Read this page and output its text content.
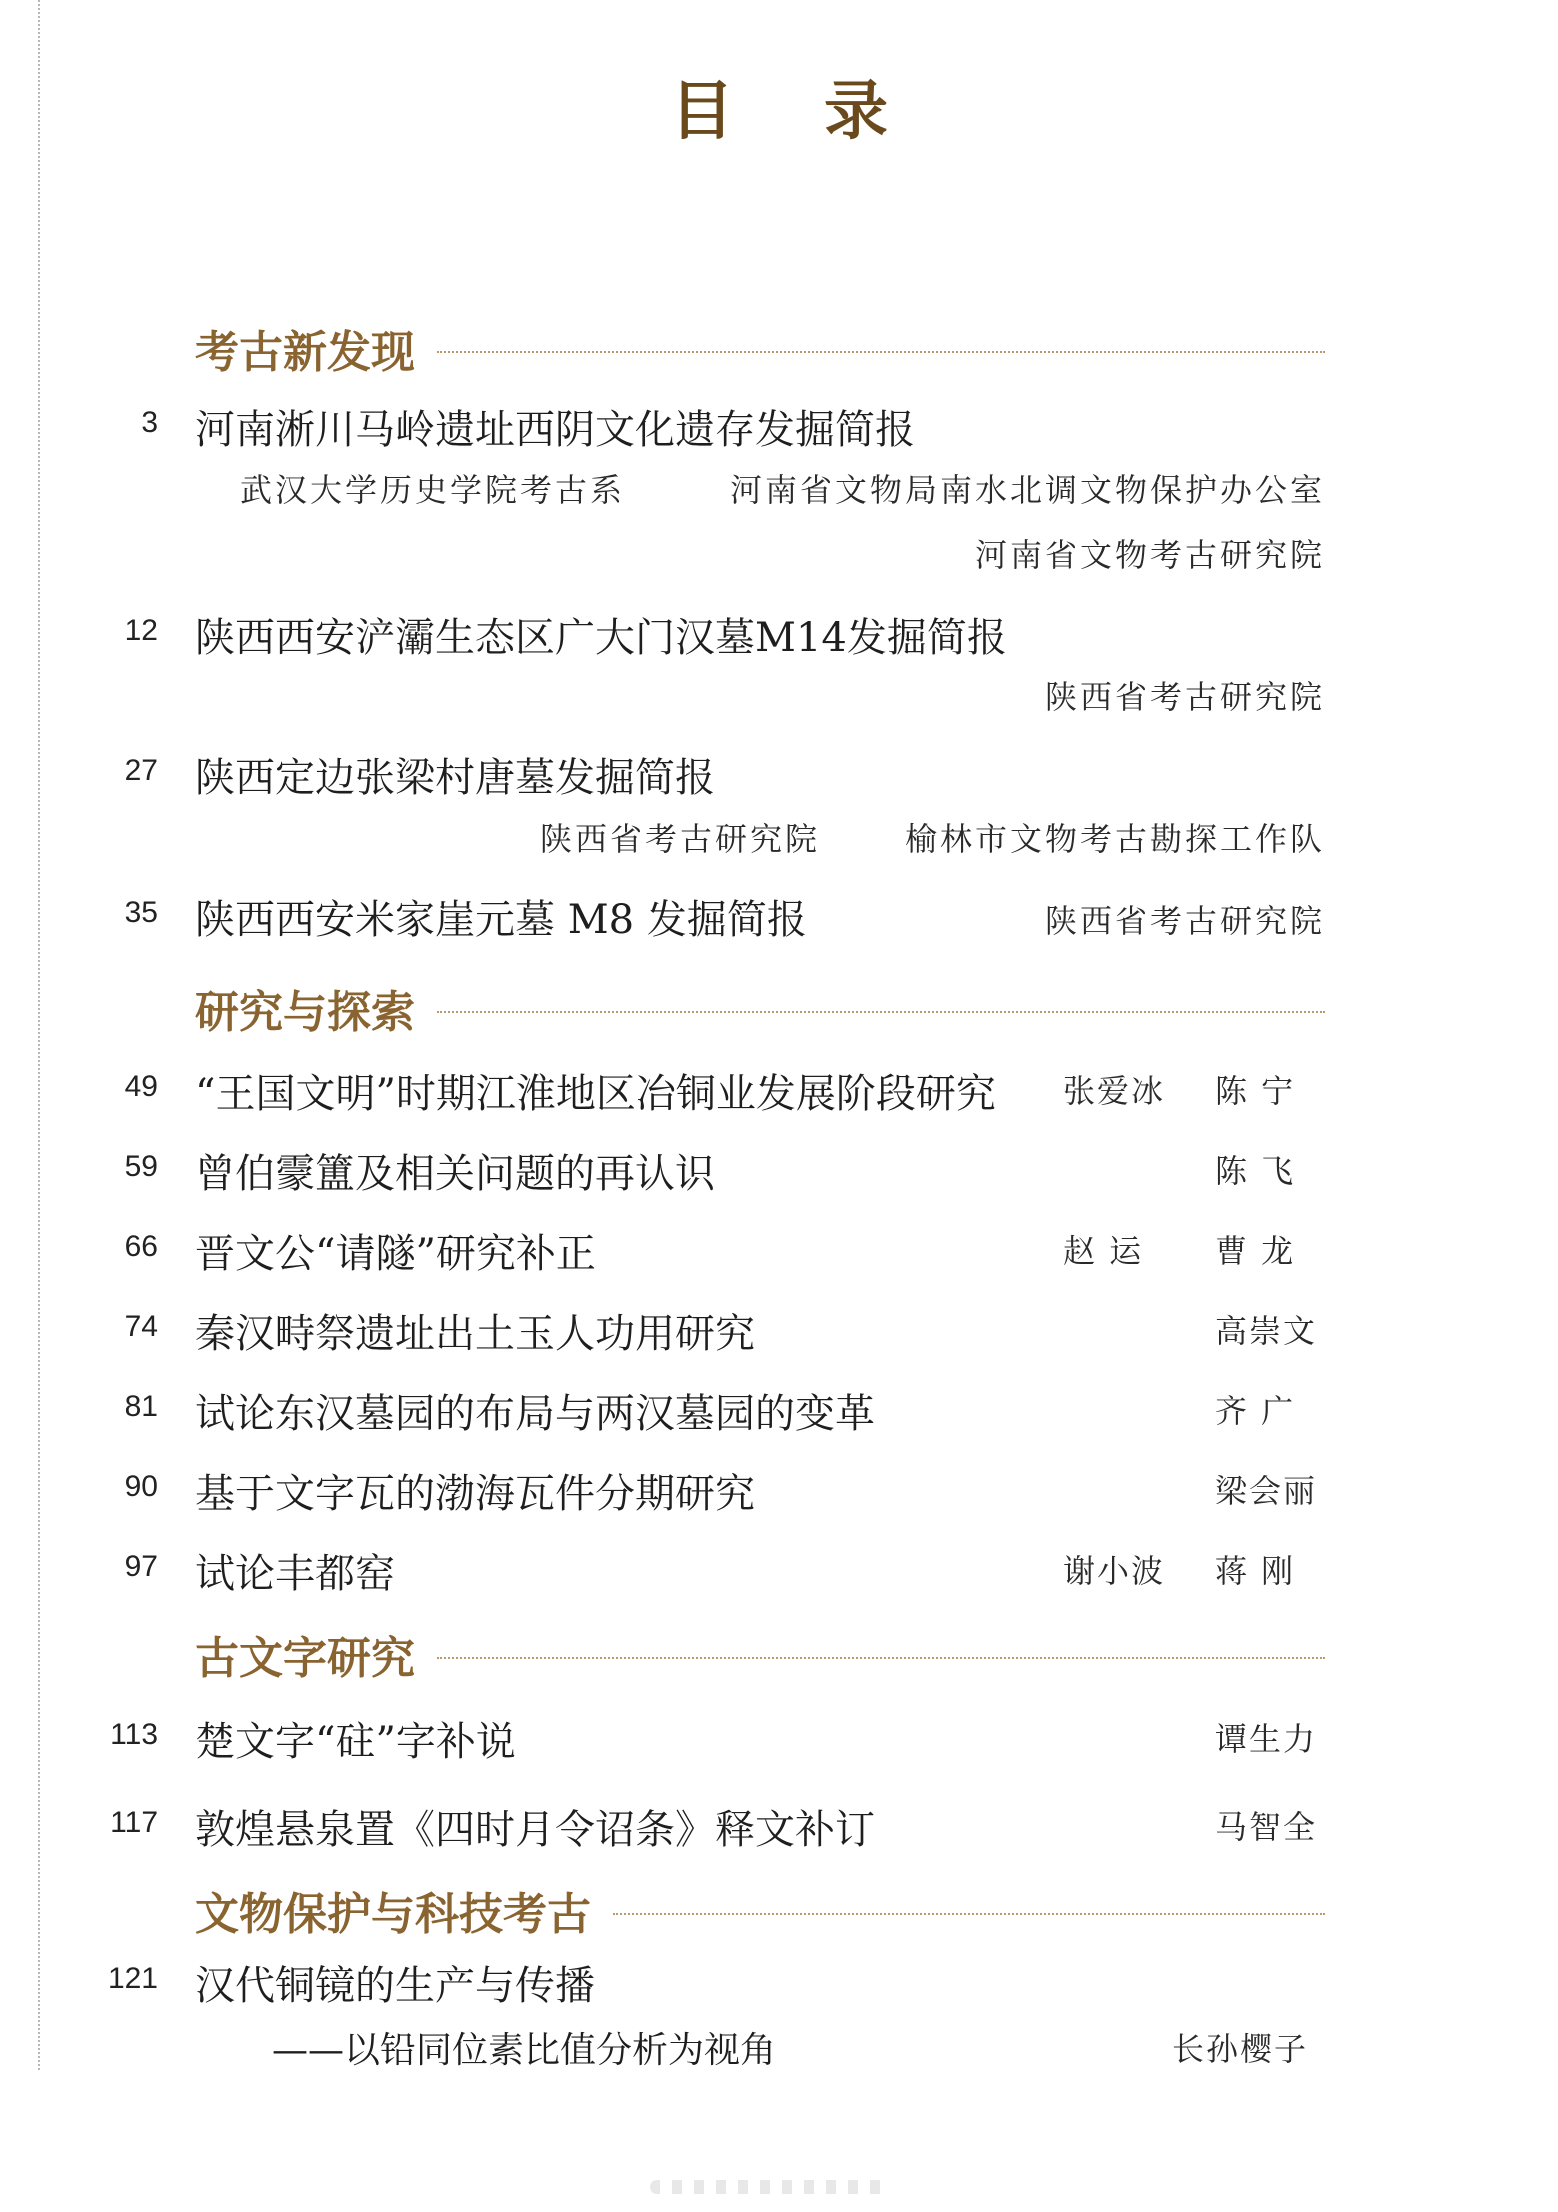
目录
考古新发现
3 河南淅川马岭遗址西阴文化遗存发掘简报
武汉大学历史学院考古系	河南省文物局南水北调文物保护办公室
河南省文物考古研究院
12 陕西西安浐灞生态区广大门汉墓M14发掘简报
陕西省考古研究院
27 陕西定边张梁村唐墓发掘简报
陕西省考古研究院	榆林市文物考古勘探工作队
35 陕西西安米家崖元墓 M8 发掘简报	陕西省考古研究院
研究与探索
49 “王国文明”时期江淮地区冶铜业发展阶段研究 张爱冰 陈 宁
59 曾伯霥簠及相关问题的再认识	陈 飞
66 晋文公“请隧”研究补正	赵 运 曹 龙
74 秦汉畤祭遗址出土玉人功用研究	高崇文
81 试论东汉墓园的布局与两汉墓园的变革	齐 广
90 基于文字瓦的渤海瓦件分期研究	梁会丽
97 试论丰都窑	谢小波 蒋 刚
古文字研究
113 楚文字“砫”字补说	谭生力
117 敦煌悬泉置《四时月令诏条》释文补订	马智全
文物保护与科技考古
121 汉代铜镜的生产与传播
——以铅同位素比值分析为视角	长孙樱子
